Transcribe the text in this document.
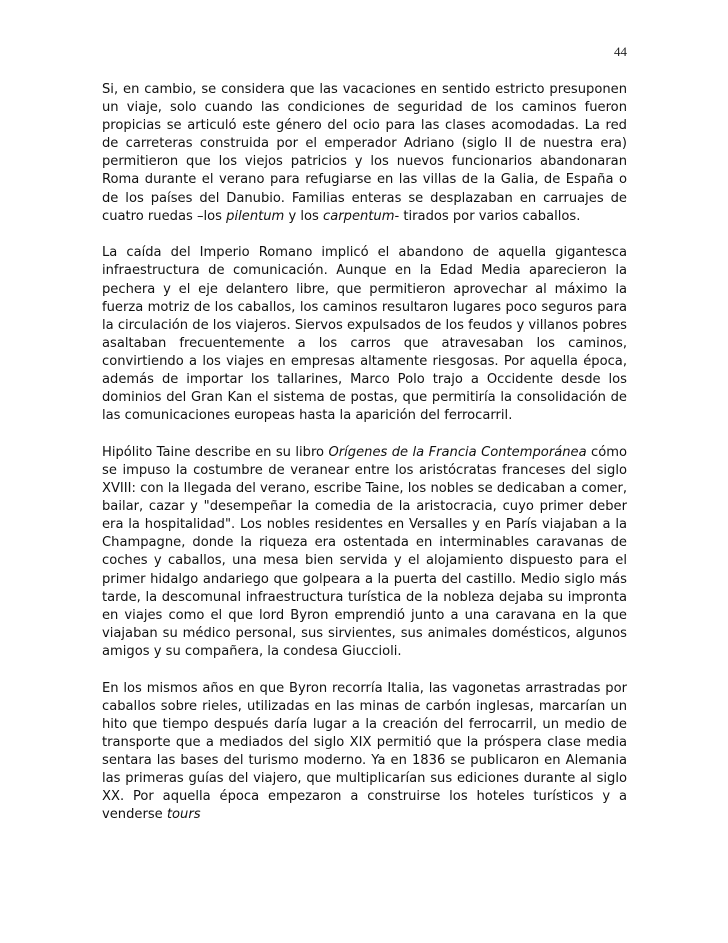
44

Si, en cambio, se considera que las vacaciones en sentido estricto presuponen un viaje, solo cuando las condiciones de seguridad de los caminos fueron propicias se articuló este género del ocio para las clases acomodadas. La red de carreteras construida por el emperador Adriano (siglo II de nuestra era) permitieron que los viejos patricios y los nuevos funcionarios abandonaran Roma durante el verano para refugiarse en las villas de la Galia, de España o de los países del Danubio. Familias enteras se desplazaban en carruajes de cuatro ruedas –los pilentum y los carpentum- tirados por varios caballos.

La caída del Imperio Romano implicó el abandono de aquella gigantesca infraestructura de comunicación. Aunque en la Edad Media aparecieron la pechera y el eje delantero libre, que permitieron aprovechar al máximo la fuerza motriz de los caballos, los caminos resultaron lugares poco seguros para la circulación de los viajeros. Siervos expulsados de los feudos y villanos pobres asaltaban frecuentemente a los carros que atravesaban los caminos, convirtiendo a los viajes en empresas altamente riesgosas. Por aquella época, además de importar los tallarines, Marco Polo trajo a Occidente desde los dominios del Gran Kan el sistema de postas, que permitiría la consolidación de las comunicaciones europeas hasta la aparición del ferrocarril.

Hipólito Taine describe en su libro Orígenes de la Francia Contemporánea cómo se impuso la costumbre de veranear entre los aristócratas franceses del siglo XVIII: con la llegada del verano, escribe Taine, los nobles se dedicaban a comer, bailar, cazar y "desempeñar la comedia de la aristocracia, cuyo primer deber era la hospitalidad". Los nobles residentes en Versalles y en París viajaban a la Champagne, donde la riqueza era ostentada en interminables caravanas de coches y caballos, una mesa bien servida y el alojamiento dispuesto para el primer hidalgo andariego que golpeara a la puerta del castillo. Medio siglo más tarde, la descomunal infraestructura turística de la nobleza dejaba su impronta en viajes como el que lord Byron emprendió junto a una caravana en la que viajaban su médico personal, sus sirvientes, sus animales domésticos, algunos amigos y su compañera, la condesa Giuccioli.

En los mismos años en que Byron recorría Italia, las vagonetas arrastradas por caballos sobre rieles, utilizadas en las minas de carbón inglesas, marcarían un hito que tiempo después daría lugar a la creación del ferrocarril, un medio de transporte que a mediados del siglo XIX permitió que la próspera clase media sentara las bases del turismo moderno. Ya en 1836 se publicaron en Alemania las primeras guías del viajero, que multiplicarían sus ediciones durante al siglo XX. Por aquella época empezaron a construirse los hoteles turísticos y a venderse tours
